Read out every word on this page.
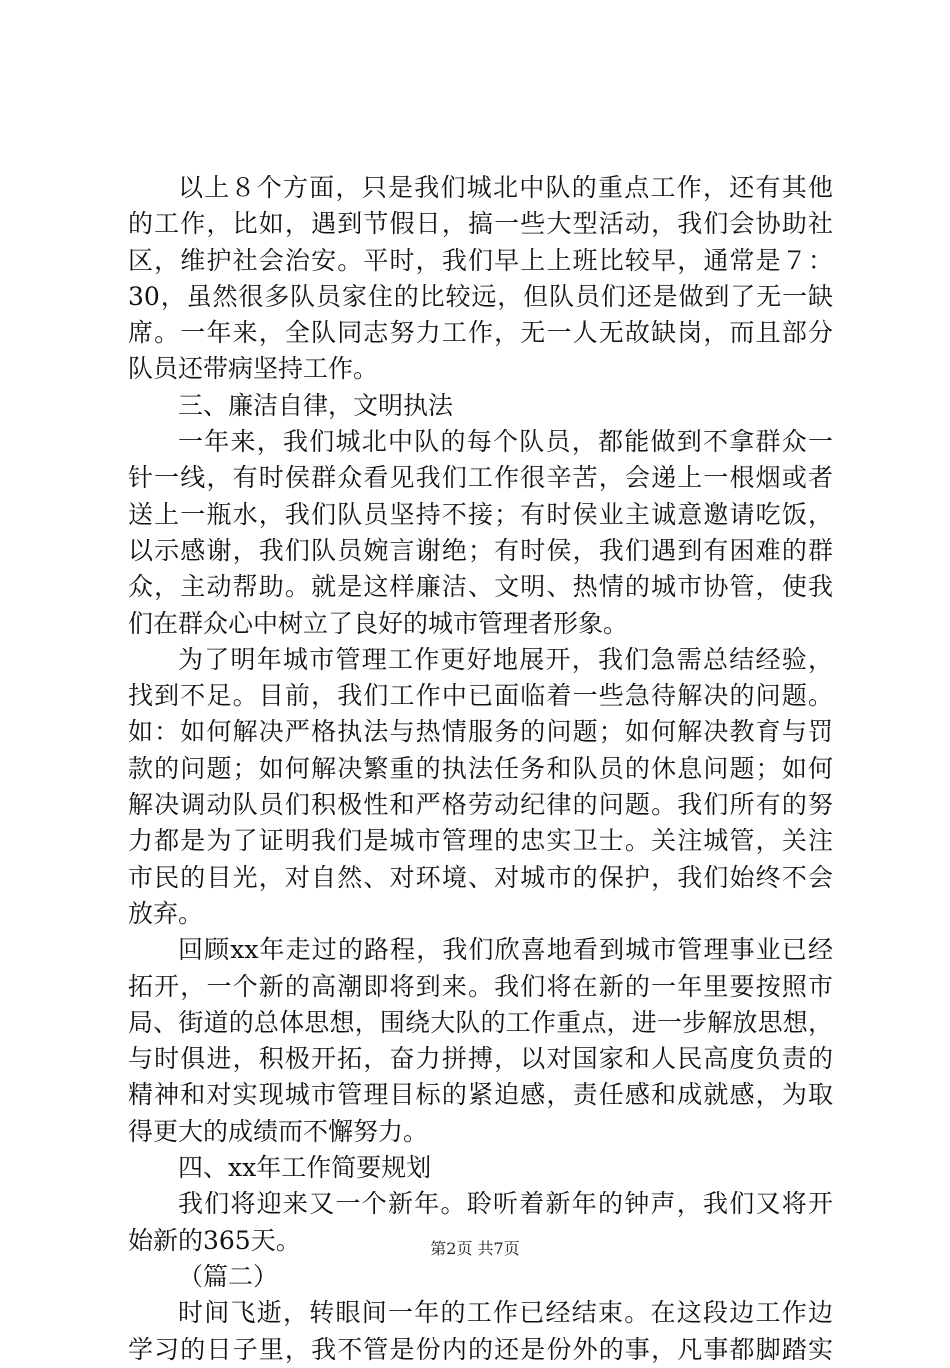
以上８个方面，只是我们城北中队的重点工作，还有其他
的工作，比如，遇到节假日，搞一些大型活动，我们会协助社
区，维护社会治安。平时，我们早上上班比较早，通常是７：
30，虽然很多队员家住的比较远，但队员们还是做到了无一缺
席。一年来，全队同志努力工作，无一人无故缺岗，而且部分
队员还带病坚持工作。
三、廉洁自律，文明执法
一年来，我们城北中队的每个队员，都能做到不拿群众一
针一线，有时侯群众看见我们工作很辛苦，会递上一根烟或者
送上一瓶水，我们队员坚持不接；有时侯业主诚意邀请吃饭，
以示感谢，我们队员婉言谢绝；有时侯，我们遇到有困难的群
众，主动帮助。就是这样廉洁、文明、热情的城市协管，使我
们在群众心中树立了良好的城市管理者形象。
为了明年城市管理工作更好地展开，我们急需总结经验，
找到不足。目前，我们工作中已面临着一些急待解决的问题。
如：如何解决严格执法与热情服务的问题；如何解决教育与罚
款的问题；如何解决繁重的执法任务和队员的休息问题；如何
解决调动队员们积极性和严格劳动纪律的问题。我们所有的努
力都是为了证明我们是城市管理的忠实卫士。关注城管，关注
市民的目光，对自然、对环境、对城市的保护，我们始终不会
放弃。
回顾xx年走过的路程，我们欣喜地看到城市管理事业已经
拓开，一个新的高潮即将到来。我们将在新的一年里要按照市
局、街道的总体思想，围绕大队的工作重点，进一步解放思想，
与时俱进，积极开拓，奋力拼搏，以对国家和人民高度负责的
精神和对实现城市管理目标的紧迫感，责任感和成就感，为取
得更大的成绩而不懈努力。
四、xx年工作简要规划
我们将迎来又一个新年。聆听着新年的钟声，我们又将开
始新的365天。
（篇二）
时间飞逝，转眼间一年的工作已经结束。在这段边工作边
学习的日子里，我不管是份内的还是份外的事，凡事都脚踏实
第2页 共7页
